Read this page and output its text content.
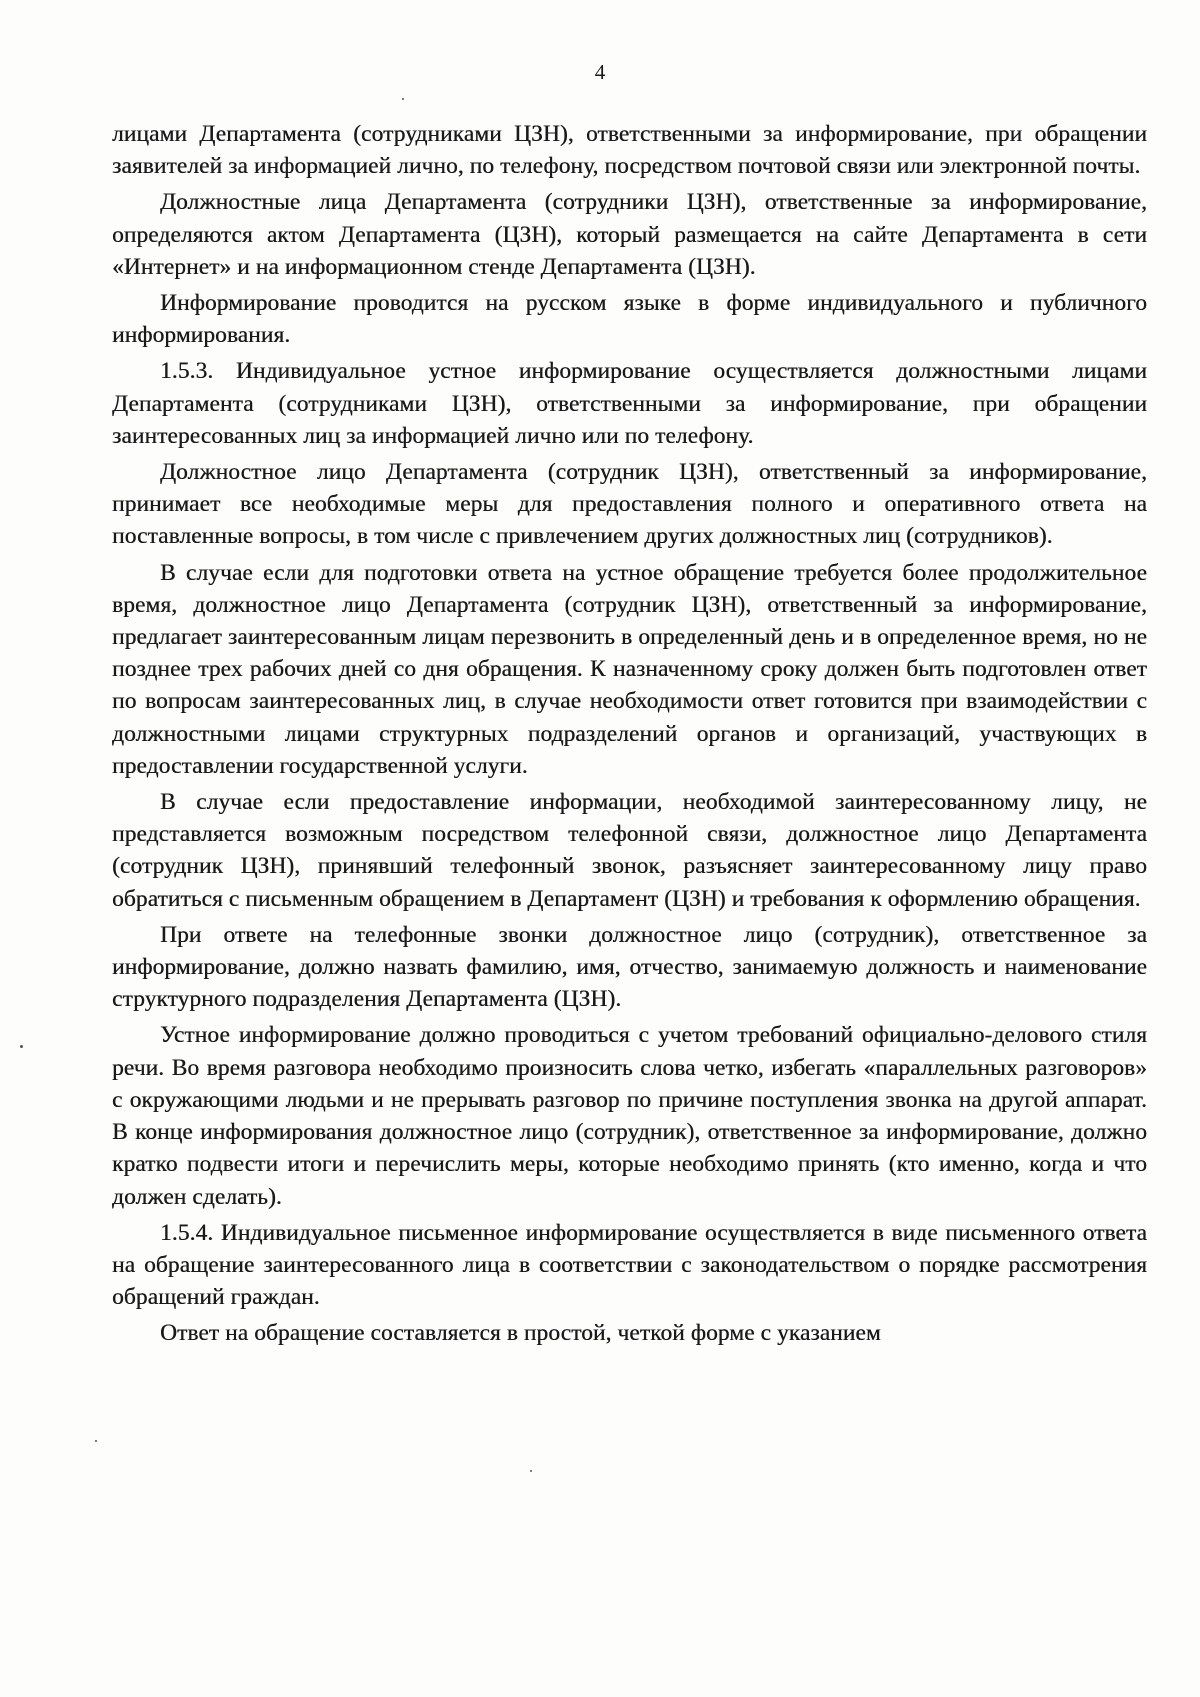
4

лицами Департамента (сотрудниками ЦЗН), ответственными за информирование, при обращении заявителей за информацией лично, по телефону, посредством почтовой связи или электронной почты.

Должностные лица Департамента (сотрудники ЦЗН), ответственные за информирование, определяются актом Департамента (ЦЗН), который размещается на сайте Департамента в сети «Интернет» и на информационном стенде Департамента (ЦЗН).

Информирование проводится на русском языке в форме индивидуального и публичного информирования.

1.5.3. Индивидуальное устное информирование осуществляется должностными лицами Департамента (сотрудниками ЦЗН), ответственными за информирование, при обращении заинтересованных лиц за информацией лично или по телефону.

Должностное лицо Департамента (сотрудник ЦЗН), ответственный за информирование, принимает все необходимые меры для предоставления полного и оперативного ответа на поставленные вопросы, в том числе с привлечением других должностных лиц (сотрудников).

В случае если для подготовки ответа на устное обращение требуется более продолжительное время, должностное лицо Департамента (сотрудник ЦЗН), ответственный за информирование, предлагает заинтересованным лицам перезвонить в определенный день и в определенное время, но не позднее трех рабочих дней со дня обращения. К назначенному сроку должен быть подготовлен ответ по вопросам заинтересованных лиц, в случае необходимости ответ готовится при взаимодействии с должностными лицами структурных подразделений органов и организаций, участвующих в предоставлении государственной услуги.

В случае если предоставление информации, необходимой заинтересованному лицу, не представляется возможным посредством телефонной связи, должностное лицо Департамента (сотрудник ЦЗН), принявший телефонный звонок, разъясняет заинтересованному лицу право обратиться с письменным обращением в Департамент (ЦЗН) и требования к оформлению обращения.

При ответе на телефонные звонки должностное лицо (сотрудник), ответственное за информирование, должно назвать фамилию, имя, отчество, занимаемую должность и наименование структурного подразделения Департамента (ЦЗН).

Устное информирование должно проводиться с учетом требований официально-делового стиля речи. Во время разговора необходимо произносить слова четко, избегать «параллельных разговоров» с окружающими людьми и не прерывать разговор по причине поступления звонка на другой аппарат. В конце информирования должностное лицо (сотрудник), ответственное за информирование, должно кратко подвести итоги и перечислить меры, которые необходимо принять (кто именно, когда и что должен сделать).

1.5.4. Индивидуальное письменное информирование осуществляется в виде письменного ответа на обращение заинтересованного лица в соответствии с законодательством о порядке рассмотрения обращений граждан.

Ответ на обращение составляется в простой, четкой форме с указанием
